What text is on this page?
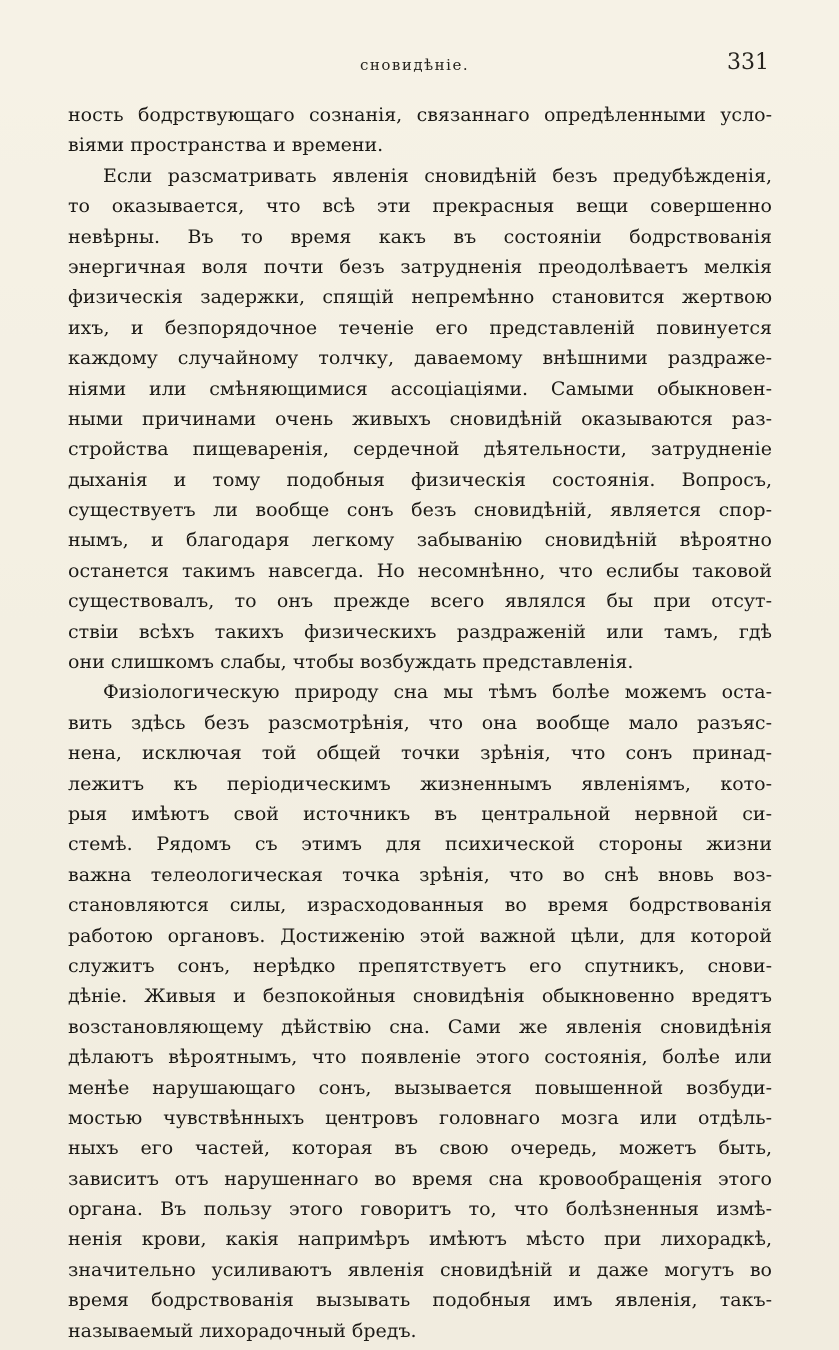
сновидѣніе.	331
ность бодрствующаго сознанія, связаннаго опредѣленными усло-
віями пространства и времени.
Если разсматривать явленія сновидѣній безъ предубѣжденія,
то оказывается, что всѣ эти прекрасныя вещи совершенно
невѣрны. Въ то время какъ въ состояніи бодрствованія
энергичная воля почти безъ затрудненія преодолѣваетъ мелкія
физическія задержки, спящій непремѣнно становится жертвою
ихъ, и безпорядочное теченіе его представленій повинуется
каждому случайному толчку, даваемому внѣшними раздраже-
ніями или смѣняющимися ассоціаціями. Самыми обыкновен-
ными причинами очень живыхъ сновидѣній оказываются раз-
стройства пищеваренія, сердечной дѣятельности, затрудненіе
дыханія и тому подобныя физическія состоянія. Вопросъ,
существуетъ ли вообще сонъ безъ сновидѣній, является спор-
нымъ, и благодаря легкому забыванію сновидѣній вѣроятно
останется такимъ навсегда. Но несомнѣнно, что еслибы таковой
существовалъ, то онъ прежде всего являлся бы при отсут-
ствіи всѣхъ такихъ физическихъ раздраженій или тамъ, гдѣ
они слишкомъ слабы, чтобы возбуждать представленія.
Физіологическую природу сна мы тѣмъ болѣе можемъ оста-
вить здѣсь безъ разсмотрѣнія, что она вообще мало разъяс-
нена, исключая той общей точки зрѣнія, что сонъ принад-
лежитъ къ періодическимъ жизненнымъ явленіямъ, кото-
рыя имѣютъ свой источникъ въ центральной нервной си-
стемѣ. Рядомъ съ этимъ для психической стороны жизни
важна телеологическая точка зрѣнія, что во снѣ вновь воз-
становляются силы, израсходованныя во время бодрствованія
работою органовъ. Достиженію этой важной цѣли, для которой
служитъ сонъ, нерѣдко препятствуетъ его спутникъ, снови-
дѣніе. Живыя и безпокойныя сновидѣнія обыкновенно вредятъ
возстановляющему дѣйствію сна. Сами же явленія сновидѣнія
дѣлаютъ вѣроятнымъ, что появленіе этого состоянія, болѣе или
менѣе нарушающаго сонъ, вызывается повышенной возбуди-
мостью чувствѣнныхъ центровъ головнаго мозга или отдѣль-
ныхъ его частей, которая въ свою очередь, можетъ быть,
зависитъ отъ нарушеннаго во время сна кровообращенія этого
органа. Въ пользу этого говоритъ то, что болѣзненныя измѣ-
ненія крови, какія напримѣръ имѣютъ мѣсто при лихорадкѣ,
значительно усиливаютъ явленія сновидѣній и даже могутъ во
время бодрствованія вызывать подобныя имъ явленія, такъ-
называемый лихорадочный бредъ.
